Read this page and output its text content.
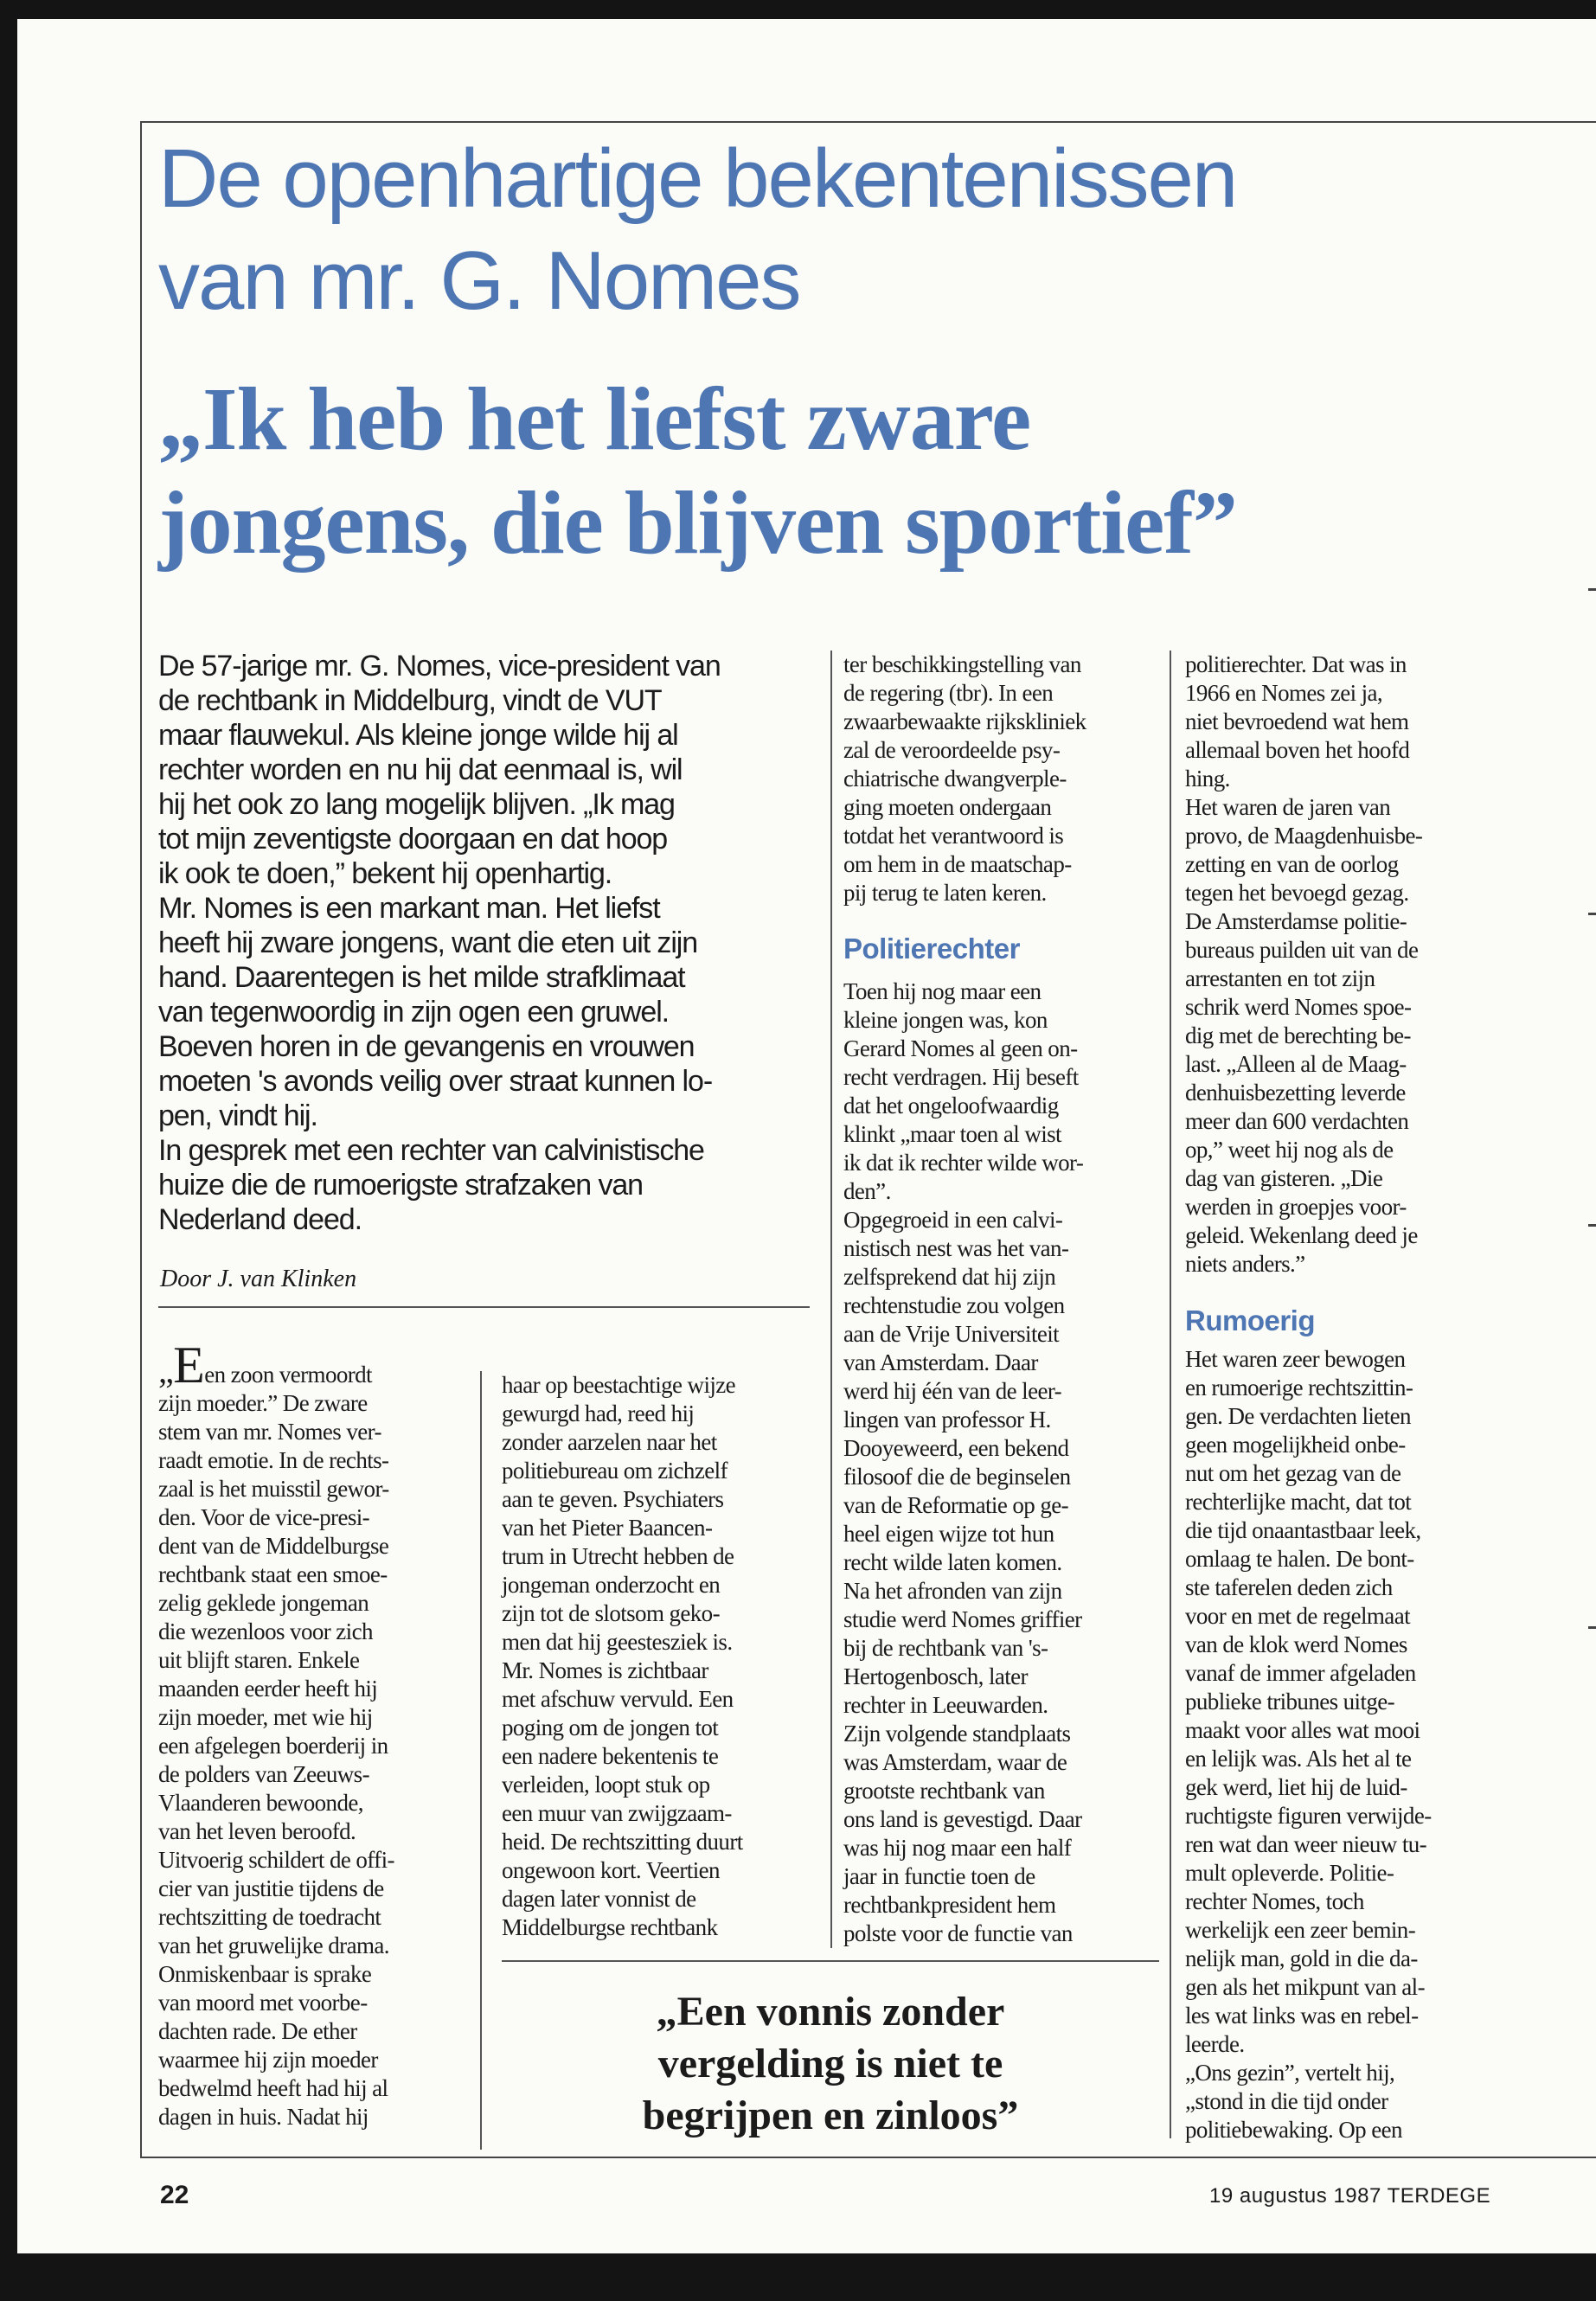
De openhartige bekentenissen
van mr. G. Nomes
„Ik heb het liefst zware
jongens, die blijven sportief”

De 57-jarige mr. G. Nomes, vice-president van
de rechtbank in Middelburg, vindt de VUT
maar flauwekul. Als kleine jonge wilde hij al
rechter worden en nu hij dat eenmaal is, wil
hij het ook zo lang mogelijk blijven. „Ik mag
tot mijn zeventigste doorgaan en dat hoop
ik ook te doen,” bekent hij openhartig.
Mr. Nomes is een markant man. Het liefst
heeft hij zware jongens, want die eten uit zijn
hand. Daarentegen is het milde strafklimaat
van tegenwoordig in zijn ogen een gruwel.
Boeven horen in de gevangenis en vrouwen
moeten 's avonds veilig over straat kunnen lo-
pen, vindt hij.
In gesprek met een rechter van calvinistische
huize die de rumoerigste strafzaken van
Nederland deed.

Door J. van Klinken

„Een zoon vermoordt
zijn moeder.” De zware
stem van mr. Nomes ver-
raadt emotie. In de rechts-
zaal is het muisstil gewor-
den. Voor de vice-presi-
dent van de Middelburgse
rechtbank staat een smoe-
zelig geklede jongeman
die wezenloos voor zich
uit blijft staren. Enkele
maanden eerder heeft hij
zijn moeder, met wie hij
een afgelegen boerderij in
de polders van Zeeuws-
Vlaanderen bewoonde,
van het leven beroofd.
Uitvoerig schildert de offi-
cier van justitie tijdens de
rechtszitting de toedracht
van het gruwelijke drama.
Onmiskenbaar is sprake
van moord met voorbe-
dachten rade. De ether
waarmee hij zijn moeder
bedwelmd heeft had hij al
dagen in huis. Nadat hij

haar op beestachtige wijze
gewurgd had, reed hij
zonder aarzelen naar het
politiebureau om zichzelf
aan te geven. Psychiaters
van het Pieter Baancen-
trum in Utrecht hebben de
jongeman onderzocht en
zijn tot de slotsom geko-
men dat hij geestesziek is.
Mr. Nomes is zichtbaar
met afschuw vervuld. Een
poging om de jongen tot
een nadere bekentenis te
verleiden, loopt stuk op
een muur van zwijgzaam-
heid. De rechtszitting duurt
ongewoon kort. Veertien
dagen later vonnist de
Middelburgse rechtbank

ter beschikkingstelling van
de regering (tbr). In een
zwaarbewaakte rijkskliniek
zal de veroordeelde psy-
chiatrische dwangverple-
ging moeten ondergaan
totdat het verantwoord is
om hem in de maatschap-
pij terug te laten keren.

Politierechter

Toen hij nog maar een
kleine jongen was, kon
Gerard Nomes al geen on-
recht verdragen. Hij beseft
dat het ongeloofwaardig
klinkt „maar toen al wist
ik dat ik rechter wilde wor-
den”.
Opgegroeid in een calvi-
nistisch nest was het van-
zelfsprekend dat hij zijn
rechtenstudie zou volgen
aan de Vrije Universiteit
van Amsterdam. Daar
werd hij één van de leer-
lingen van professor H.
Dooyeweerd, een bekend
filosoof die de beginselen
van de Reformatie op ge-
heel eigen wijze tot hun
recht wilde laten komen.
Na het afronden van zijn
studie werd Nomes griffier
bij de rechtbank van 's-
Hertogenbosch, later
rechter in Leeuwarden.
Zijn volgende standplaats
was Amsterdam, waar de
grootste rechtbank van
ons land is gevestigd. Daar
was hij nog maar een half
jaar in functie toen de
rechtbankpresident hem
polste voor de functie van

politierechter. Dat was in
1966 en Nomes zei ja,
niet bevroedend wat hem
allemaal boven het hoofd
hing.
Het waren de jaren van
provo, de Maagdenhuisbe-
zetting en van de oorlog
tegen het bevoegd gezag.
De Amsterdamse politie-
bureaus puilden uit van de
arrestanten en tot zijn
schrik werd Nomes spoe-
dig met de berechting be-
last. „Alleen al de Maag-
denhuisbezetting leverde
meer dan 600 verdachten
op,” weet hij nog als de
dag van gisteren. „Die
werden in groepjes voor-
geleid. Wekenlang deed je
niets anders.”

Rumoerig

Het waren zeer bewogen
en rumoerige rechtszittin-
gen. De verdachten lieten
geen mogelijkheid onbe-
nut om het gezag van de
rechterlijke macht, dat tot
die tijd onaantastbaar leek,
omlaag te halen. De bont-
ste taferelen deden zich
voor en met de regelmaat
van de klok werd Nomes
vanaf de immer afgeladen
publieke tribunes uitge-
maakt voor alles wat mooi
en lelijk was. Als het al te
gek werd, liet hij de luid-
ruchtigste figuren verwijde-
ren wat dan weer nieuw tu-
mult opleverde. Politie-
rechter Nomes, toch
werkelijk een zeer bemin-
nelijk man, gold in die da-
gen als het mikpunt van al-
les wat links was en rebel-
leerde.
„Ons gezin”, vertelt hij,
„stond in die tijd onder
politiebewaking. Op een

„Een vonnis zonder
vergelding is niet te
begrijpen en zinloos”

22	19 augustus 1987 TERDEGE
